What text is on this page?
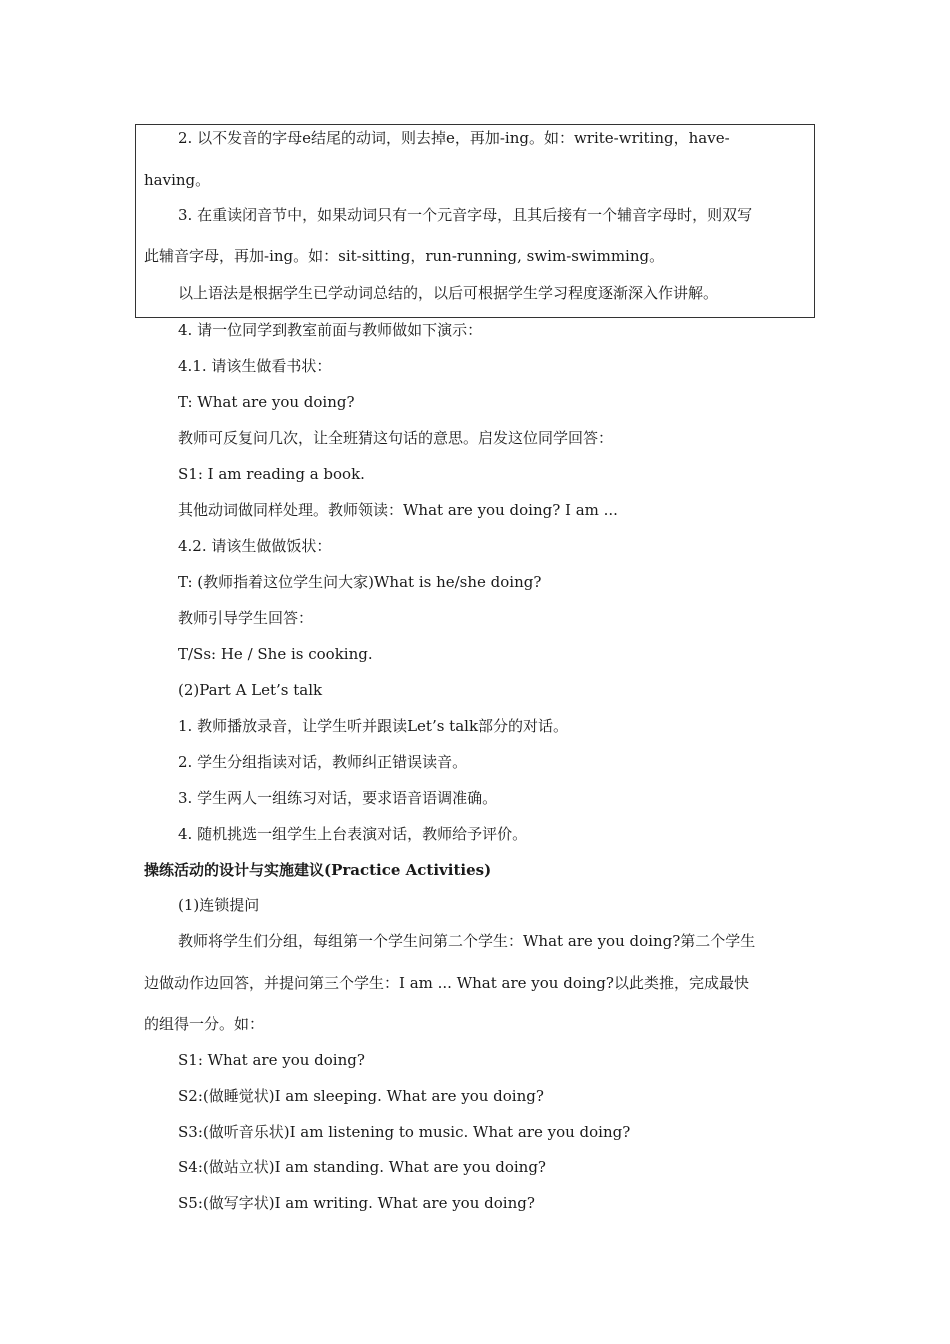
2. 以不发音的字母e结尾的动词，则去掉e，再加-ing。如：write-writing，have-
having。
3. 在重读闭音节中，如果动词只有一个元音字母，且其后接有一个辅音字母时，则双写
此辅音字母，再加-ing。如：sit-sitting，run-running, swim-swimming。
以上语法是根据学生已学动词总结的，以后可根据学生学习程度逐渐深入作讲解。
4. 请一位同学到教室前面与教师做如下演示：
4.1. 请该生做看书状：
T: What are you doing?
教师可反复问几次，让全班猜这句话的意思。启发这位同学回答：
S1: I am reading a book.
其他动词做同样处理。教师领读：What are you doing? I am ...
4.2. 请该生做做饭状：
T: (教师指着这位学生问大家)What is he/she doing?
教师引导学生回答：
T/Ss: He / She is cooking.
(2)Part A Let’s talk
1. 教师播放录音，让学生听并跟读Let’s talk部分的对话。
2. 学生分组指读对话，教师纠正错误读音。
3. 学生两人一组练习对话，要求语音语调准确。
4. 随机挑选一组学生上台表演对话，教师给予评价。
操练活动的设计与实施建议(Practice Activities)
(1)连锁提问
教师将学生们分组，每组第一个学生问第二个学生：What are you doing?第二个学生
边做动作边回答，并提问第三个学生：I am ... What are you doing?以此类推，完成最快
的组得一分。如：
S1: What are you doing?
S2:(做睡觉状)I am sleeping. What are you doing?
S3:(做听音乐状)I am listening to music. What are you doing?
S4:(做站立状)I am standing. What are you doing?
S5:(做写字状)I am writing. What are you doing?
